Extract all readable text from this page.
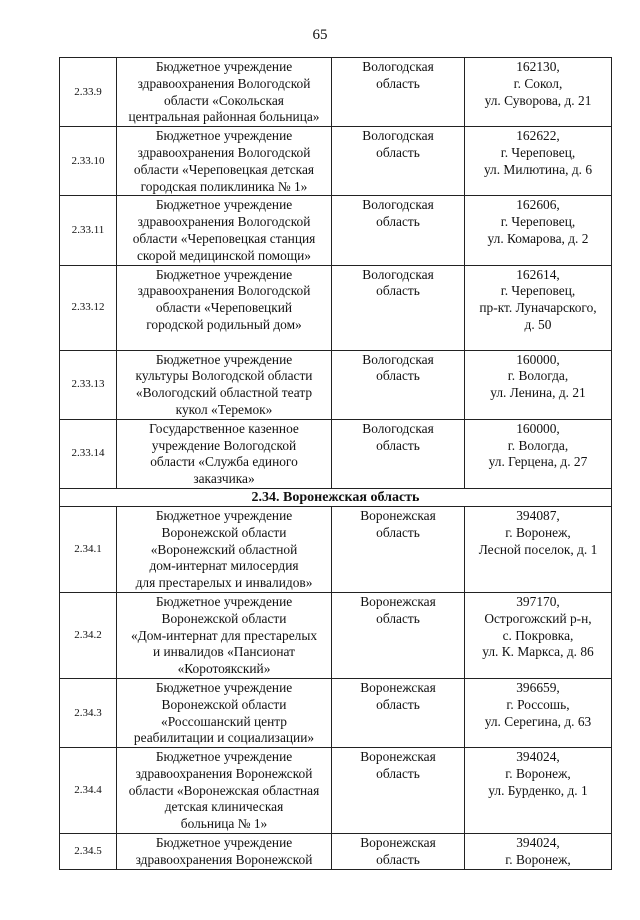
65
2.33.9	Бюджетное учреждение
здравоохранения Вологодской
области «Сокольская
центральная районная больница»	Вологодская
область	162130,
г. Сокол,
ул. Суворова, д. 21

2.33.10	Бюджетное учреждение
здравоохранения Вологодской
области «Череповецкая детская
городская поликлиника № 1»	Вологодская
область	162622,
г. Череповец,
ул. Милютина, д. 6

2.33.11	Бюджетное учреждение
здравоохранения Вологодской
области «Череповецкая станция
скорой медицинской помощи»	Вологодская
область	162606,
г. Череповец,
ул. Комарова, д. 2

2.33.12	Бюджетное учреждение
здравоохранения Вологодской
области «Череповецкий
городской родильный дом»	Вологодская
область	162614,
г. Череповец,
пр-кт. Луначарского,
д. 50

2.33.13	Бюджетное учреждение
культуры Вологодской области
«Вологодский областной театр
кукол «Теремок»	Вологодская
область	160000,
г. Вологда,
ул. Ленина, д. 21

2.33.14	Государственное казенное
учреждение Вологодской
области «Служба единого
заказчика»	Вологодская
область	160000,
г. Вологда,
ул. Герцена, д. 27

2.34. Воронежская область			
2.34.1	Бюджетное учреждение
Воронежской области
«Воронежский областной
дом-интернат милосердия
для престарелых и инвалидов»	Воронежская
область	394087,
г. Воронеж,
Лесной поселок, д. 1

2.34.2	Бюджетное учреждение
Воронежской области
«Дом-интернат для престарелых
и инвалидов «Пансионат
«Коротоякский»	Воронежская
область	397170,
Острогожский р-н,
с. Покровка,
ул. К. Маркса, д. 86

2.34.3	Бюджетное учреждение
Воронежской области
«Россошанский центр
реабилитации и социализации»	Воронежская
область	396659,
г. Россошь,
ул. Серегина, д. 63

2.34.4	Бюджетное учреждение
здравоохранения Воронежской
области «Воронежская областная
детская клиническая
больница № 1»	Воронежская
область	394024,
г. Воронеж,
ул. Бурденко, д. 1

2.34.5	Бюджетное учреждение
здравоохранения Воронежской	Воронежская
область	394024,
г. Воронеж,
